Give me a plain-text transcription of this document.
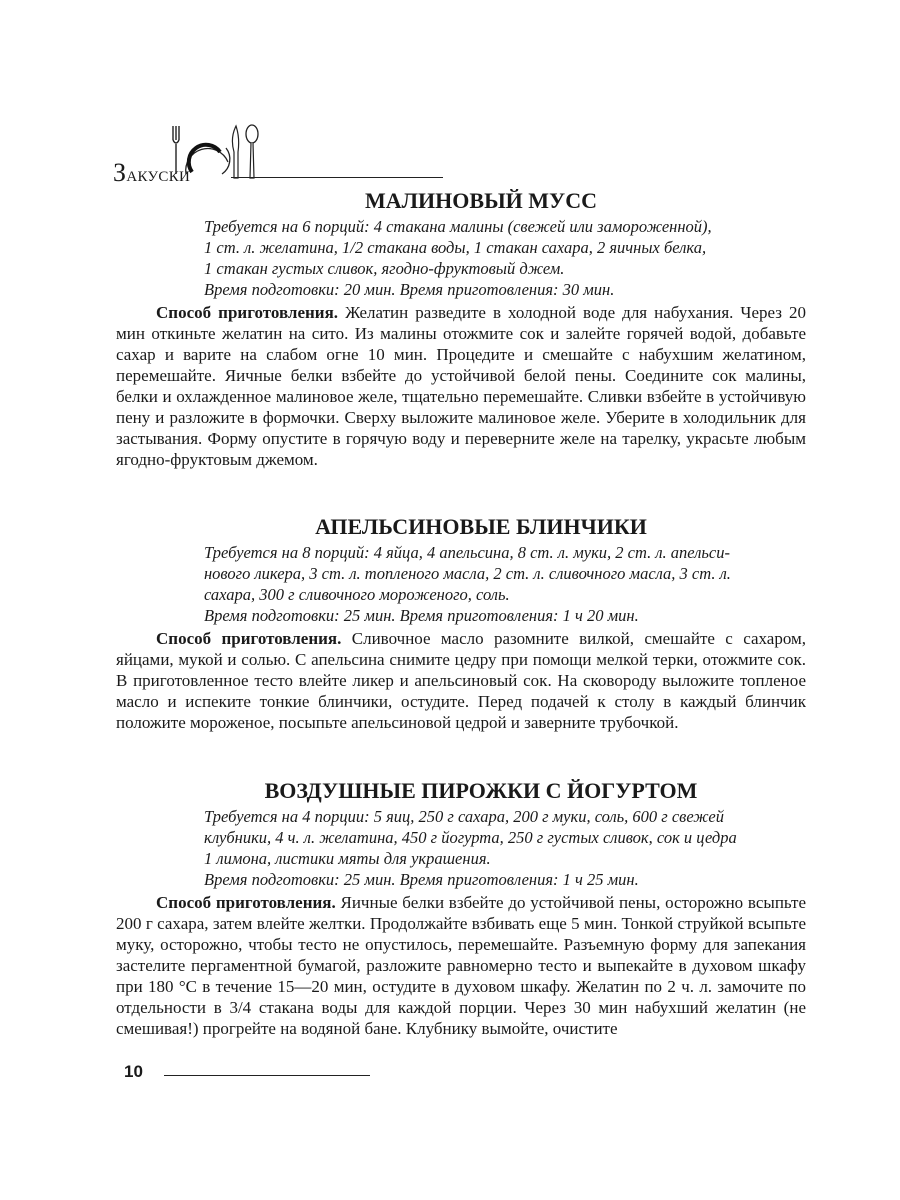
Закуски
МАЛИНОВЫЙ МУСС

Требуется на 6 порций: 4 стакана малины (свежей или замороженной),

1 ст. л. желатина, 1/2 стакана воды, 1 стакан сахара, 2 яичных белка,

1 стакан густых сливок, ягодно-фруктовый джем.

Время подготовки: 20 мин. Время приготовления: 30 мин.

Способ приготовления. Желатин разведите в холодной воде для набухания. Через 20 мин откиньте желатин на сито. Из малины отожмите сок и залейте горячей водой, добавьте сахар и варите на слабом огне 10 мин. Процедите и смешайте с набухшим желатином, перемешайте. Яичные белки взбейте до устойчивой белой пены. Соедините сок малины, белки и охлажденное малиновое желе, тщательно перемешайте. Сливки взбейте в устойчивую пену и разложите в формочки. Сверху выложите малиновое желе. Уберите в холодильник для застывания. Форму опустите в горячую воду и переверните желе на тарелку, украсьте любым ягодно-фруктовым джемом.

АПЕЛЬСИНОВЫЕ БЛИНЧИКИ

Требуется на 8 порций: 4 яйца, 4 апельсина, 8 ст. л. муки, 2 ст. л. апельси-

нового ликера, 3 ст. л. топленого масла, 2 ст. л. сливочного масла, 3 ст. л.

сахара, 300 г сливочного мороженого, соль.

Время подготовки: 25 мин. Время приготовления: 1 ч 20 мин.

Способ приготовления. Сливочное масло разомните вилкой, смешайте с сахаром, яйцами, мукой и солью. С апельсина снимите цедру при помощи мелкой терки, отожмите сок. В приготовленное тесто влейте ликер и апельсиновый сок. На сковороду выложите топленое масло и испеките тонкие блинчики, остудите. Перед подачей к столу в каждый блинчик положите мороженое, посыпьте апельсиновой цедрой и заверните трубочкой.

ВОЗДУШНЫЕ ПИРОЖКИ С ЙОГУРТОМ

Требуется на 4 порции: 5 яиц, 250 г сахара, 200 г муки, соль, 600 г свежей

клубники, 4 ч. л. желатина, 450 г йогурта, 250 г густых сливок, сок и цедра

1 лимона, листики мяты для украшения.

Время подготовки: 25 мин. Время приготовления: 1 ч 25 мин.

Способ приготовления. Яичные белки взбейте до устойчивой пены, осторожно всыпьте 200 г сахара, затем влейте желтки. Продолжайте взбивать еще 5 мин. Тонкой струйкой всыпьте муку, осторожно, чтобы тесто не опустилось, перемешайте. Разъемную форму для запекания застелите пергаментной бумагой, разложите равномерно тесто и выпекайте в духовом шкафу при 180 °С в течение 15—20 мин, остудите в духовом шкафу. Желатин по 2 ч. л. замочите по отдельности в 3/4 стакана воды для каждой порции. Через 30 мин набухший желатин (не смешивая!) прогрейте на водяной бане. Клубнику вымойте, очистите

10
